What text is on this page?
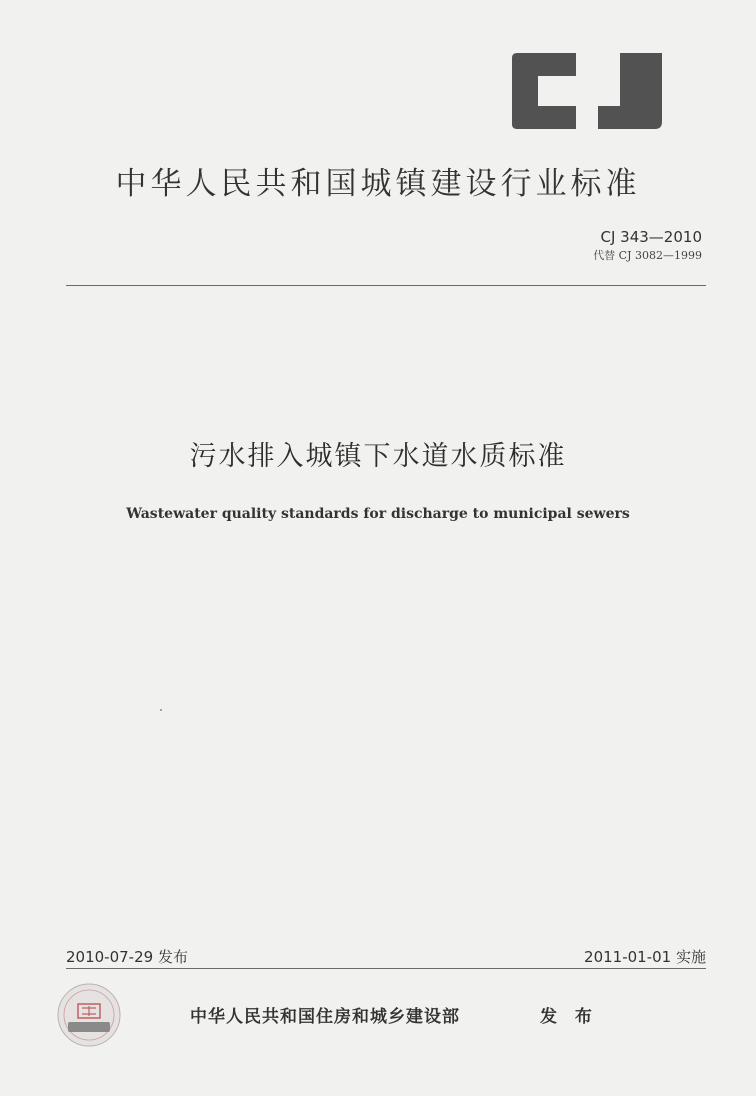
中华人民共和国城镇建设行业标准
CJ 343—2010
代替 CJ 3082—1999
污水排入城镇下水道水质标准
Wastewater quality standards for discharge to municipal sewers
2010-07-29 发布	2011-01-01 实施
中华人民共和国住房和城乡建设部	发 布
